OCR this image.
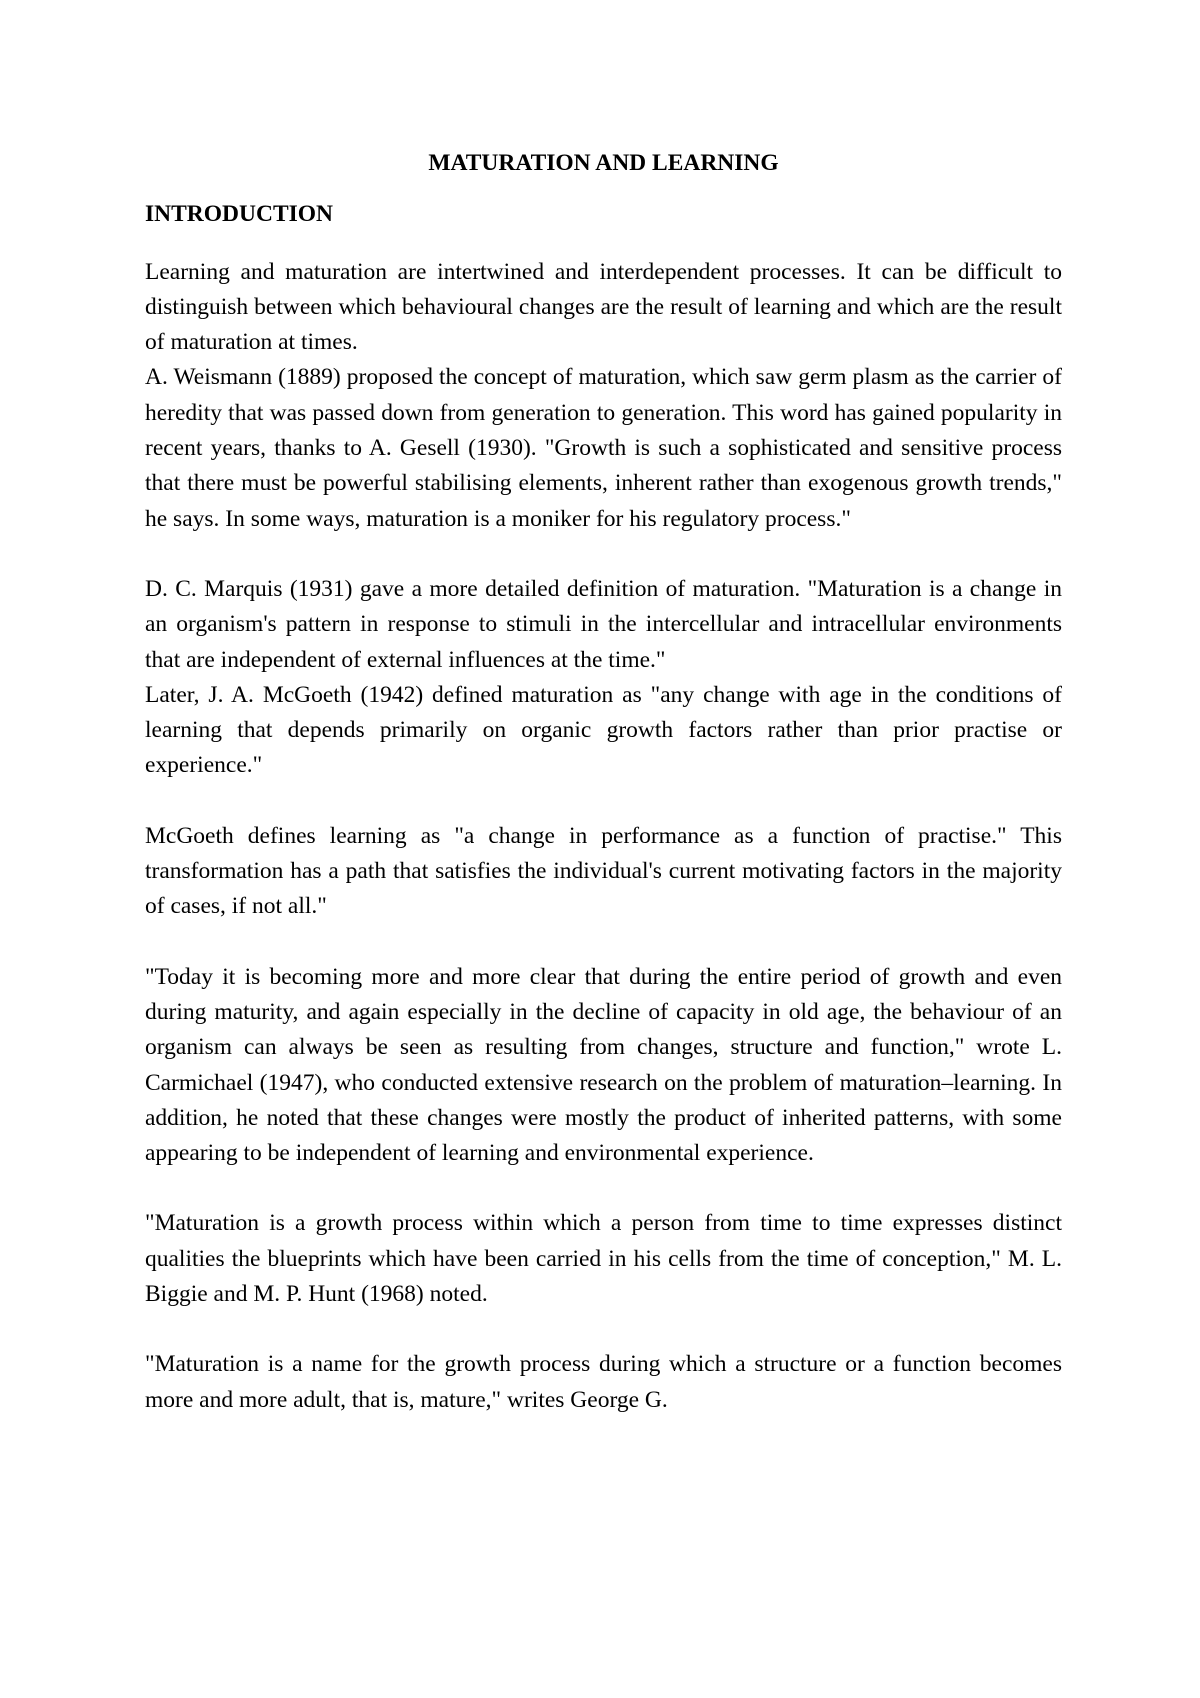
MATURATION AND LEARNING
INTRODUCTION

Learning and maturation are intertwined and interdependent processes. It can be difficult to distinguish between which behavioural changes are the result of learning and which are the result of maturation at times.

A. Weismann (1889) proposed the concept of maturation, which saw germ plasm as the carrier of heredity that was passed down from generation to generation. This word has gained popularity in recent years, thanks to A. Gesell (1930). "Growth is such a sophisticated and sensitive process that there must be powerful stabilising elements, inherent rather than exogenous growth trends," he says. In some ways, maturation is a moniker for his regulatory process."

D. C. Marquis (1931) gave a more detailed definition of maturation. "Maturation is a change in an organism's pattern in response to stimuli in the intercellular and intracellular environments that are independent of external influences at the time."

Later, J. A. McGoeth (1942) defined maturation as "any change with age in the conditions of learning that depends primarily on organic growth factors rather than prior practise or experience."

McGoeth defines learning as "a change in performance as a function of practise." This transformation has a path that satisfies the individual's current motivating factors in the majority of cases, if not all."

"Today it is becoming more and more clear that during the entire period of growth and even during maturity, and again especially in the decline of capacity in old age, the behaviour of an organism can always be seen as resulting from changes, structure and function," wrote L. Carmichael (1947), who conducted extensive research on the problem of maturation–learning. In addition, he noted that these changes were mostly the product of inherited patterns, with some appearing to be independent of learning and environmental experience.

"Maturation is a growth process within which a person from time to time expresses distinct qualities the blueprints which have been carried in his cells from the time of conception," M. L. Biggie and M. P. Hunt (1968) noted.

"Maturation is a name for the growth process during which a structure or a function becomes more and more adult, that is, mature," writes George G.
